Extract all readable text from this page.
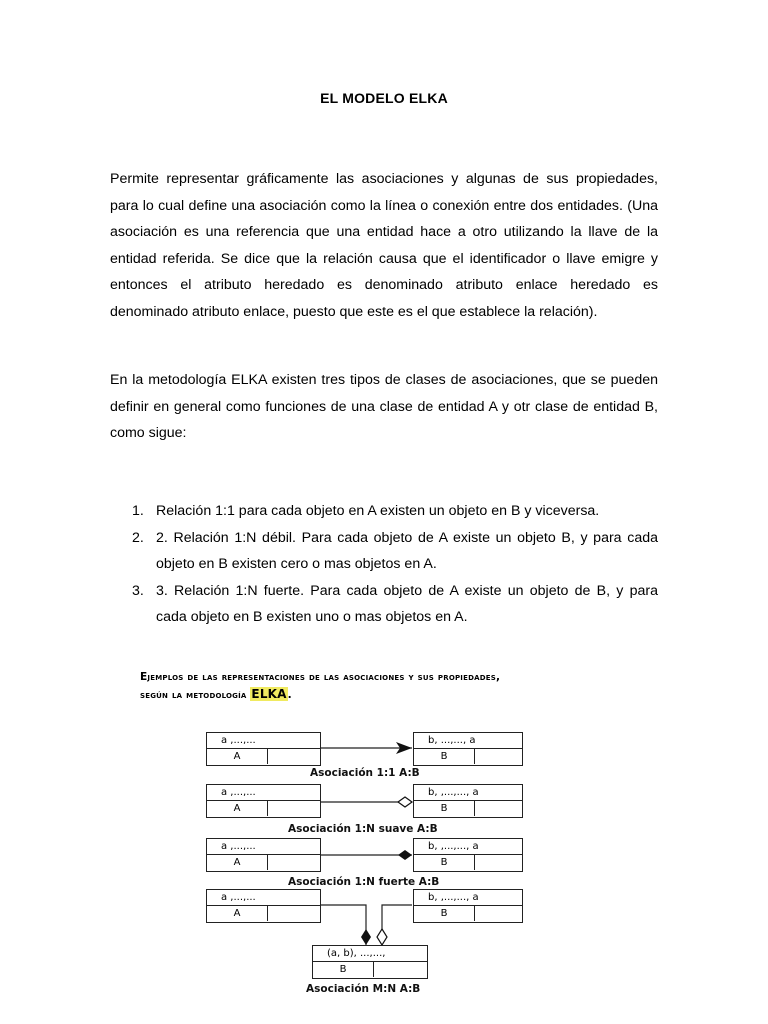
EL MODELO ELKA
Permite representar gráficamente las asociaciones y algunas de sus propiedades, para lo cual define una asociación como la línea o conexión entre dos entidades. (Una asociación es una referencia que una entidad hace a otro utilizando la llave de la entidad referida. Se dice que la relación causa que el identificador o llave emigre y entonces el atributo heredado es denominado atributo enlace heredado es denominado atributo enlace, puesto que este es el que establece la relación).
En la metodología ELKA existen tres tipos de clases de asociaciones, que se pueden definir en general como funciones de una clase de entidad A y otr clase de entidad B, como sigue:
1. Relación 1:1 para cada objeto en A existen un objeto en B y viceversa.
2. 2. Relación 1:N débil. Para cada objeto de A existe un objeto B, y para cada objeto en B existen cero o mas objetos en A.
3. 3. Relación 1:N fuerte. Para cada objeto de A existe un objeto de B, y para cada objeto en B existen uno o mas objetos en A.
Ejemplos de las representaciones de las asociaciones y sus propiedades,
según la metodología ELKA.
a ,...,...
A
b, ...,..., a
B
Asociación 1:1 A:B
a ,...,...
A
b, ,...,..., a
B
Asociación 1:N suave A:B
a ,...,...
A
b, ,...,..., a
B
Asociación 1:N fuerte A:B
a ,...,...
A
b, ,...,..., a
B
(a, b), ...,...,
B
Asociación M:N A:B
